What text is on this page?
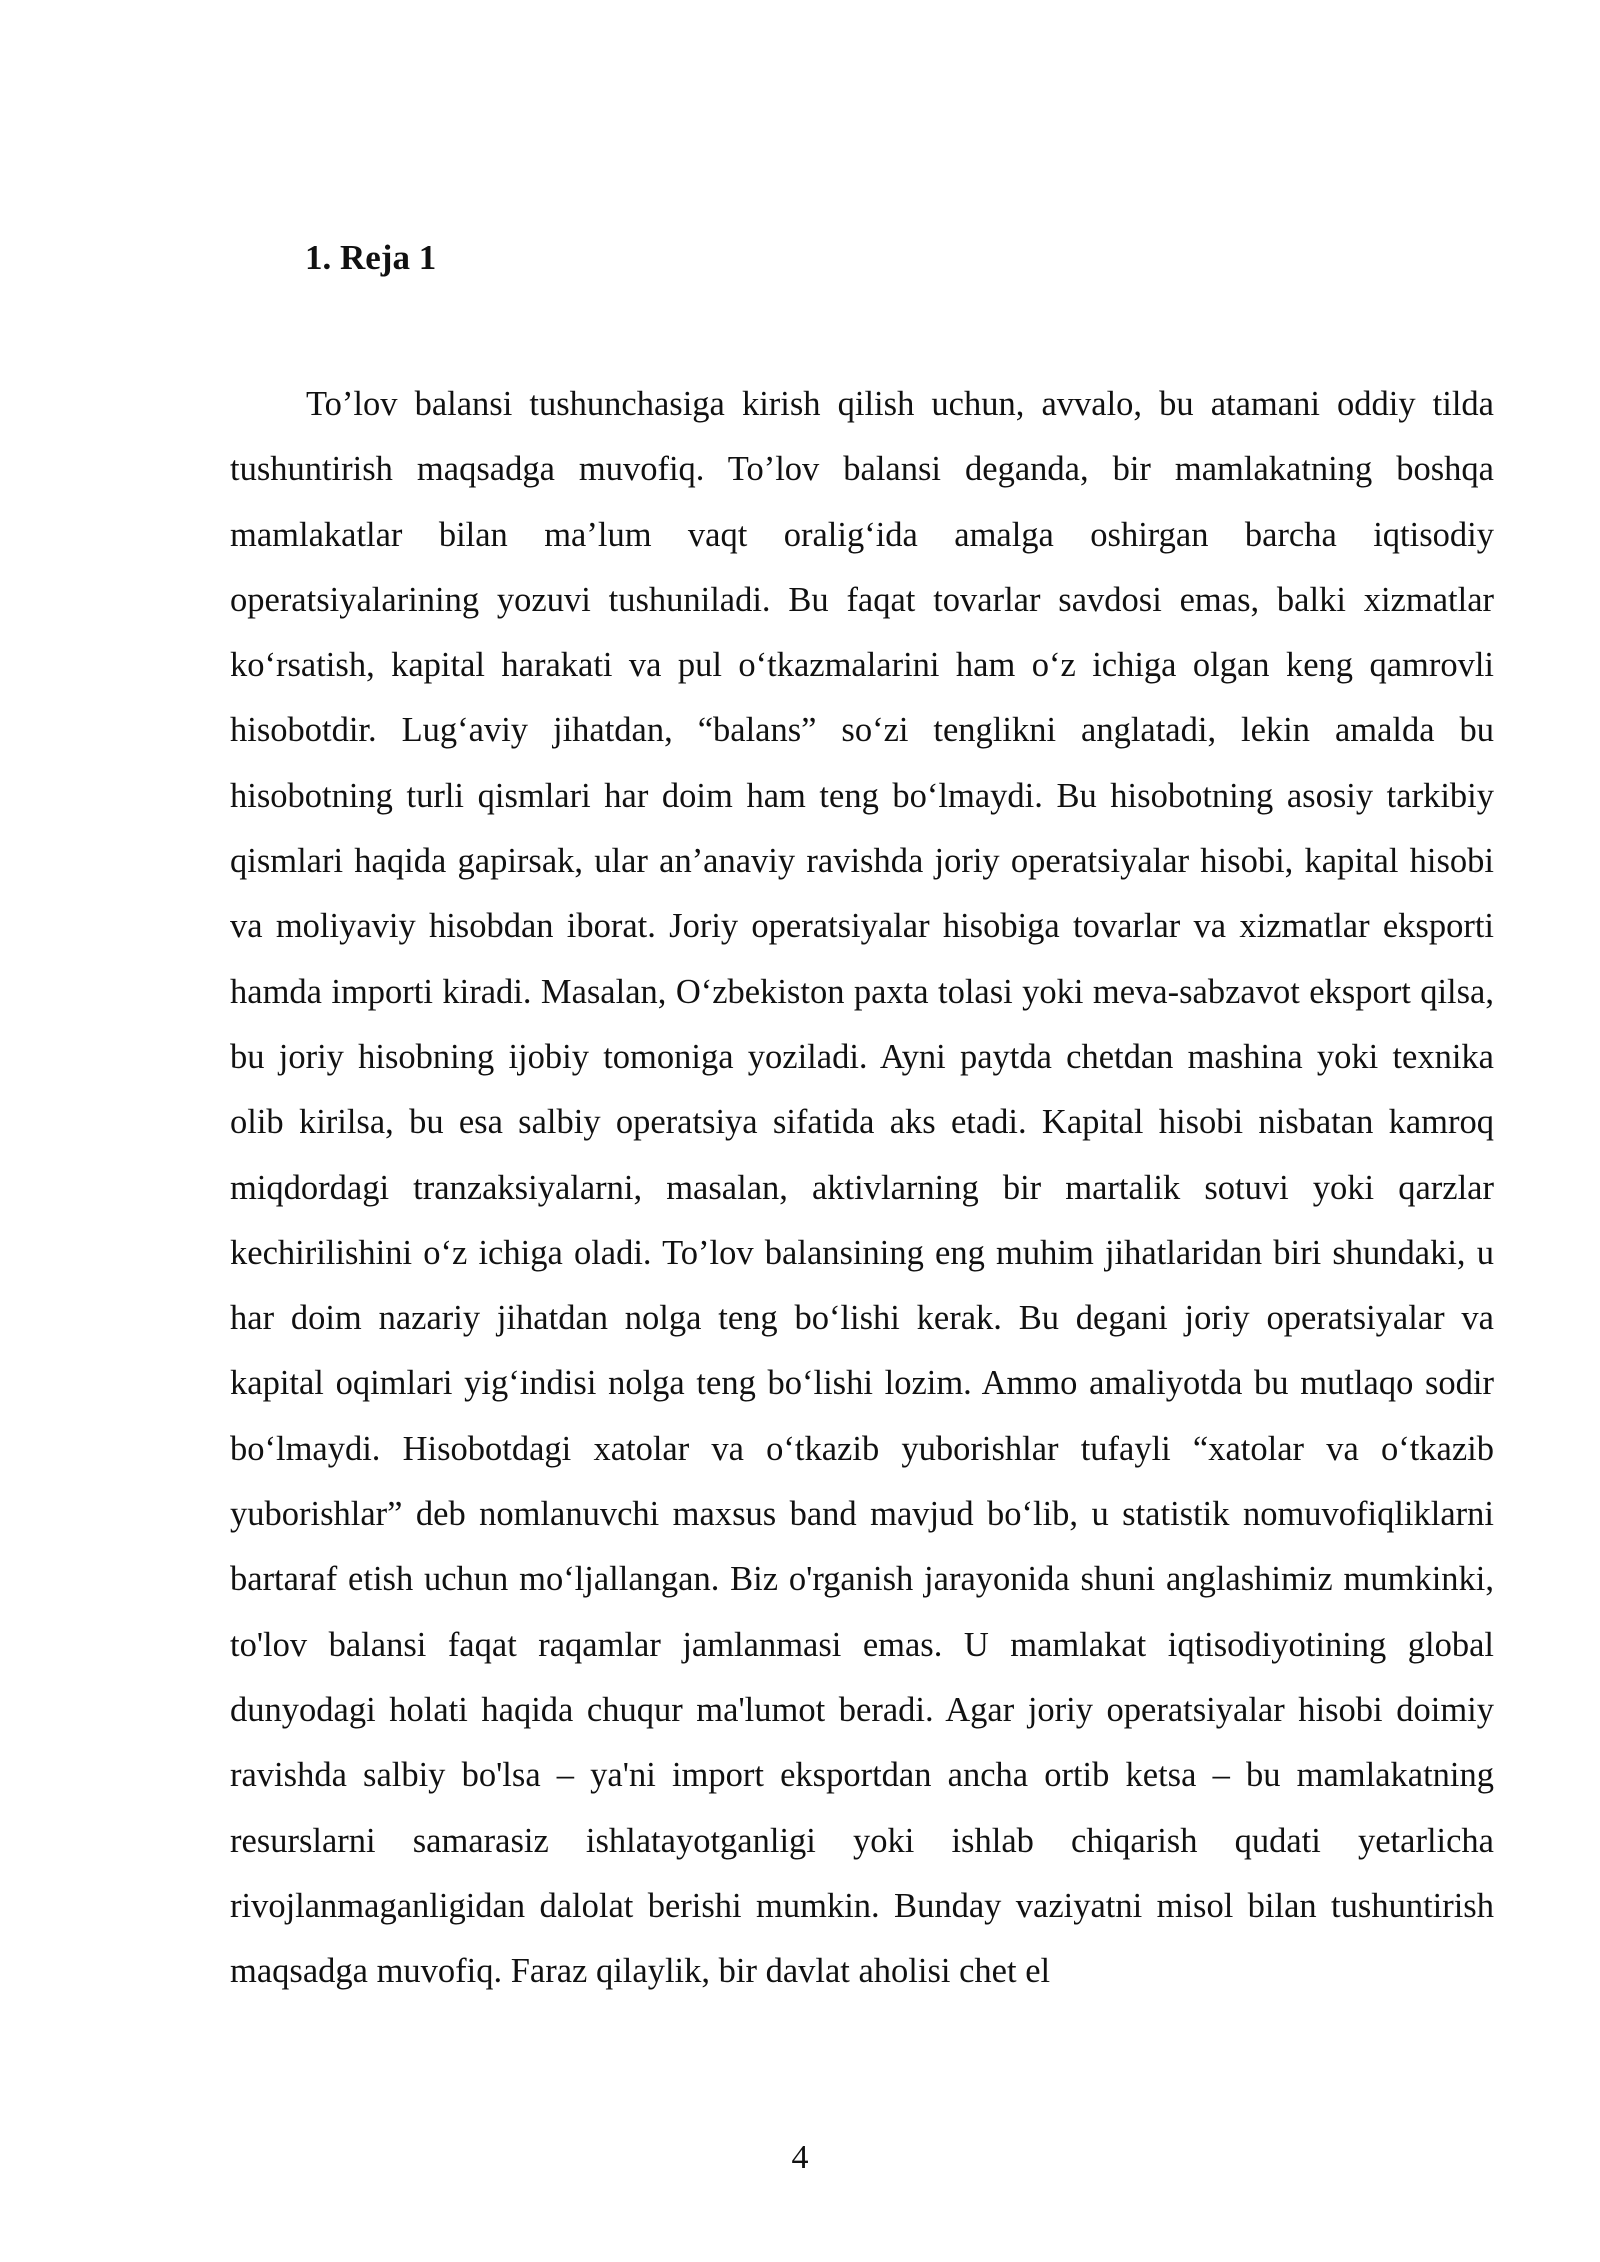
1. Reja 1

To’lov balansi tushunchasiga kirish qilish uchun, avvalo, bu atamani oddiy tilda tushuntirish maqsadga muvofiq. To’lov balansi deganda, bir mamlakatning boshqa mamlakatlar bilan ma’lum vaqt oralig‘ida amalga oshirgan barcha iqtisodiy operatsiyalarining yozuvi tushuniladi. Bu faqat tovarlar savdosi emas, balki xizmatlar ko‘rsatish, kapital harakati va pul o‘tkazmalarini ham o‘z ichiga olgan keng qamrovli hisobotdir. Lug‘aviy jihatdan, “balans” so‘zi tenglikni anglatadi, lekin amalda bu hisobotning turli qismlari har doim ham teng bo‘lmaydi. Bu hisobotning asosiy tarkibiy qismlari haqida gapirsak, ular an’anaviy ravishda joriy operatsiyalar hisobi, kapital hisobi va moliyaviy hisobdan iborat. Joriy operatsiyalar hisobiga tovarlar va xizmatlar eksporti hamda importi kiradi. Masalan, O‘zbekiston paxta tolasi yoki meva-sabzavot eksport qilsa, bu joriy hisobning ijobiy tomoniga yoziladi. Ayni paytda chetdan mashina yoki texnika olib kirilsa, bu esa salbiy operatsiya sifatida aks etadi. Kapital hisobi nisbatan kamroq miqdordagi tranzaksiyalarni, masalan, aktivlarning bir martalik sotuvi yoki qarzlar kechirilishini o‘z ichiga oladi. To’lov balansining eng muhim jihatlaridan biri shundaki, u har doim nazariy jihatdan nolga teng bo‘lishi kerak. Bu degani joriy operatsiyalar va kapital oqimlari yig‘indisi nolga teng bo‘lishi lozim. Ammo amaliyotda bu mutlaqo sodir bo‘lmaydi. Hisobotdagi xatolar va o‘tkazib yuborishlar tufayli “xatolar va o‘tkazib yuborishlar” deb nomlanuvchi maxsus band mavjud bo‘lib, u statistik nomuvofiqliklarni bartaraf etish uchun mo‘ljallangan. Biz o'rganish jarayonida shuni anglashimiz mumkinki, to'lov balansi faqat raqamlar jamlanmasi emas. U mamlakat iqtisodiyotining global dunyodagi holati haqida chuqur ma'lumot beradi. Agar joriy operatsiyalar hisobi doimiy ravishda salbiy bo'lsa – ya'ni import eksportdan ancha ortib ketsa – bu mamlakatning resurslarni samarasiz ishlatayotganligi yoki ishlab chiqarish qudati yetarlicha rivojlanmaganligidan dalolat berishi mumkin. Bunday vaziyatni misol bilan tushuntirish maqsadga muvofiq. Faraz qilaylik, bir davlat aholisi chet el

4
